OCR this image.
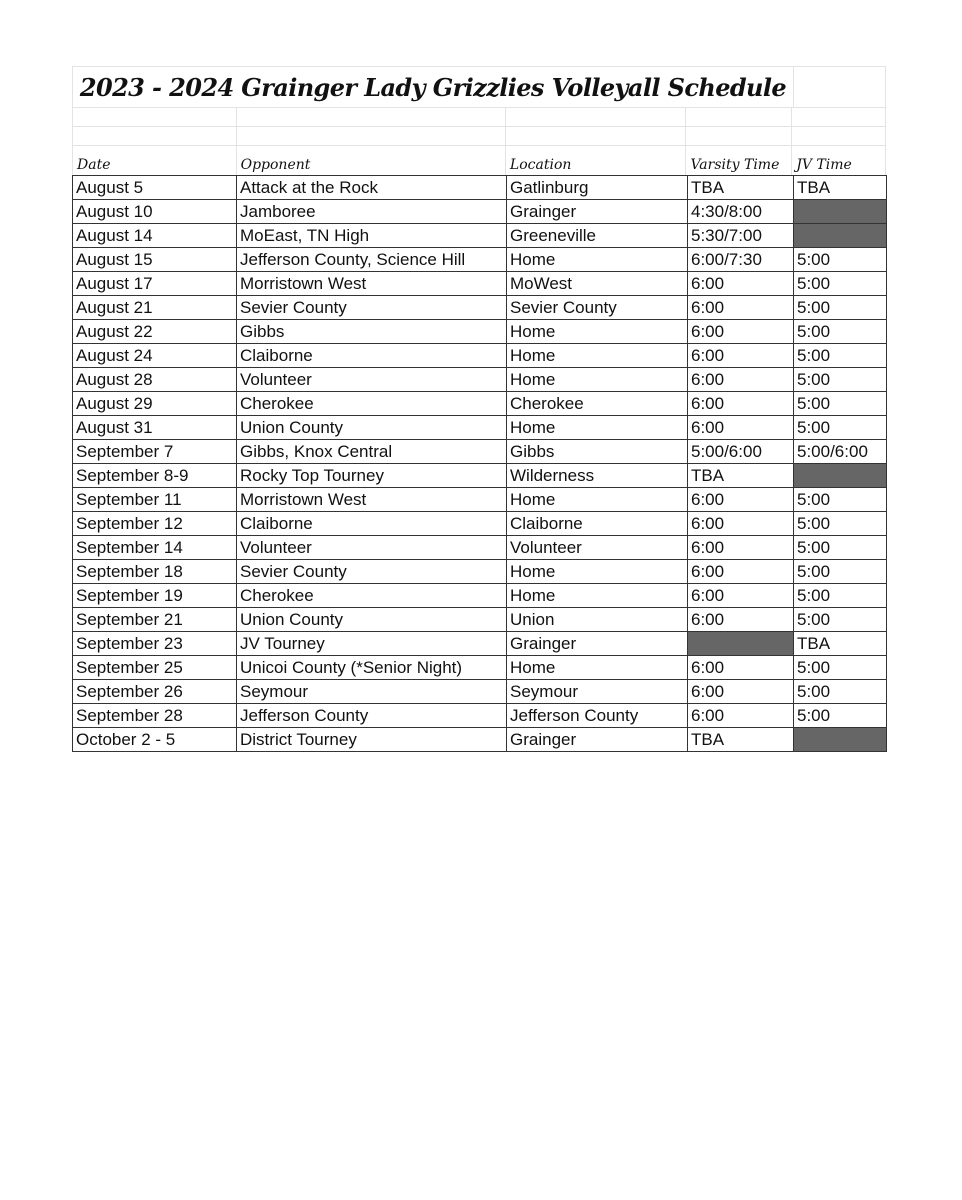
2023 - 2024 Grainger Lady Grizzlies Volleyall Schedule
Date	Opponent	Location	Varsity Time	JV Time
August 5	Attack at the Rock	Gatlinburg	TBA	TBA
August 10	Jamboree	Grainger	4:30/8:00	
August 14	MoEast, TN High	Greeneville	5:30/7:00	
August 15	Jefferson County, Science Hill	Home	6:00/7:30	5:00
August 17	Morristown West	MoWest	6:00	5:00
August 21	Sevier County	Sevier County	6:00	5:00
August 22	Gibbs	Home	6:00	5:00
August 24	Claiborne	Home	6:00	5:00
August 28	Volunteer	Home	6:00	5:00
August 29	Cherokee	Cherokee	6:00	5:00
August 31	Union County	Home	6:00	5:00
September 7	Gibbs, Knox Central	Gibbs	5:00/6:00	5:00/6:00
September 8-9	Rocky Top Tourney	Wilderness	TBA	
September 11	Morristown West	Home	6:00	5:00
September 12	Claiborne	Claiborne	6:00	5:00
September 14	Volunteer	Volunteer	6:00	5:00
September 18	Sevier County	Home	6:00	5:00
September 19	Cherokee	Home	6:00	5:00
September 21	Union County	Union	6:00	5:00
September 23	JV Tourney	Grainger		TBA
September 25	Unicoi County (*Senior Night)	Home	6:00	5:00
September 26	Seymour	Seymour	6:00	5:00
September 28	Jefferson County	Jefferson County	6:00	5:00
October 2 - 5	District Tourney	Grainger	TBA	
